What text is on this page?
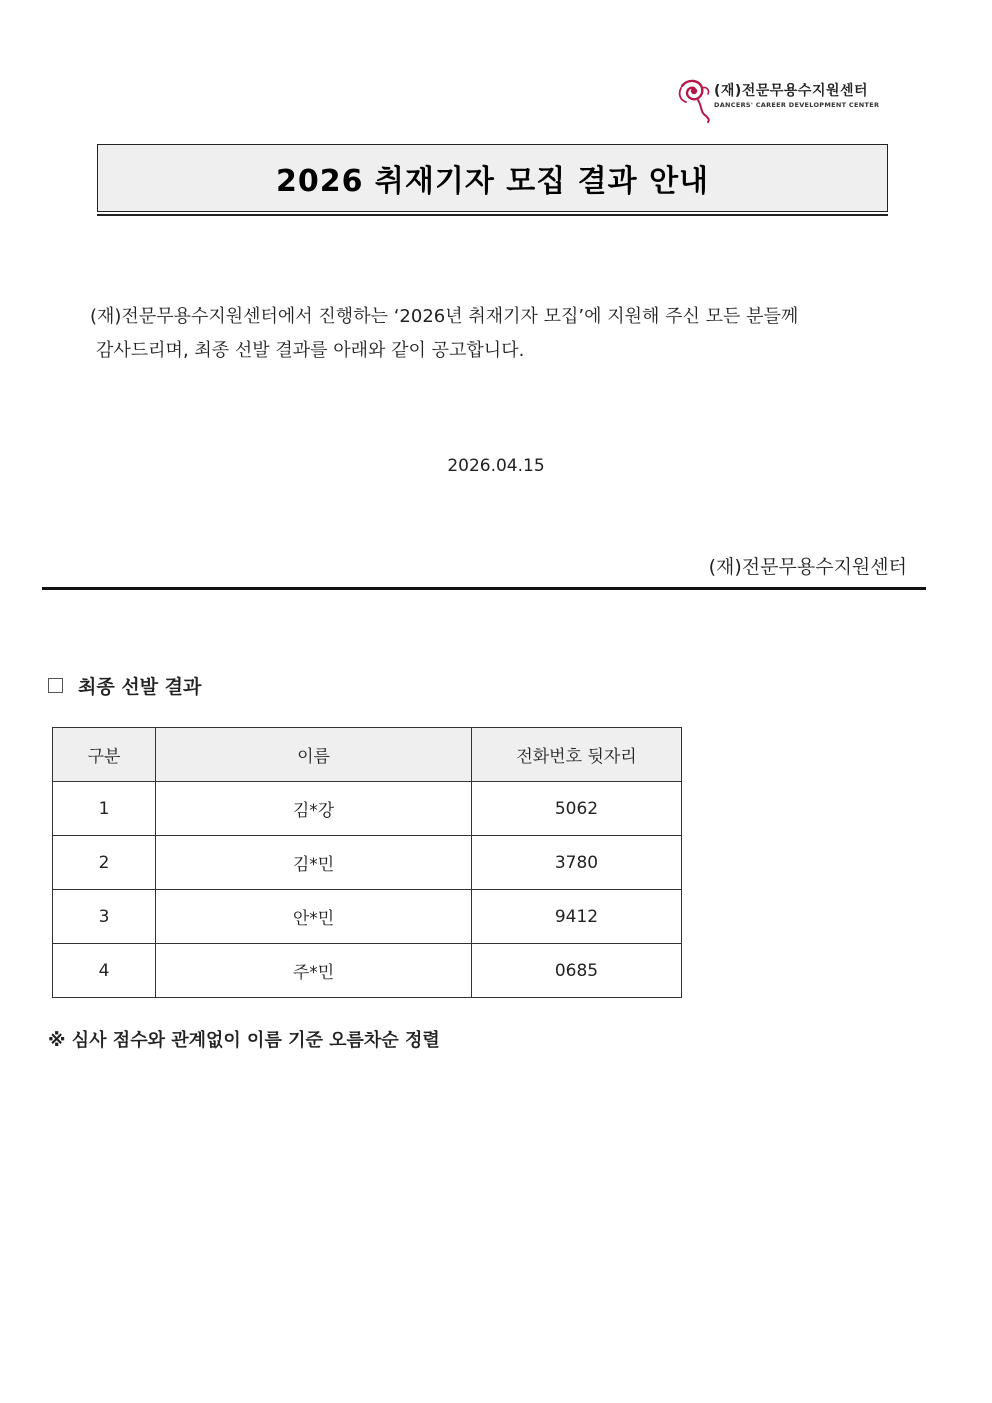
(재)전문무용수지원센터
DANCERS' CAREER DEVELOPMENT CENTER
2026 취재기자 모집 결과 안내

(재)전문무용수지원센터에서 진행하는 ‘2026년 취재기자 모집’에 지원해 주신 모든 분들께

감사드리며, 최종 선발 결과를 아래와 같이 공고합니다.

2026.04.15
(재)전문무용수지원센터
최종 선발 결과
구분	이름	전화번호 뒷자리
1	김*강	5062
2	김*민	3780
3	안*민	9412
4	주*민	0685
※ 심사 점수와 관계없이 이름 기준 오름차순 정렬
